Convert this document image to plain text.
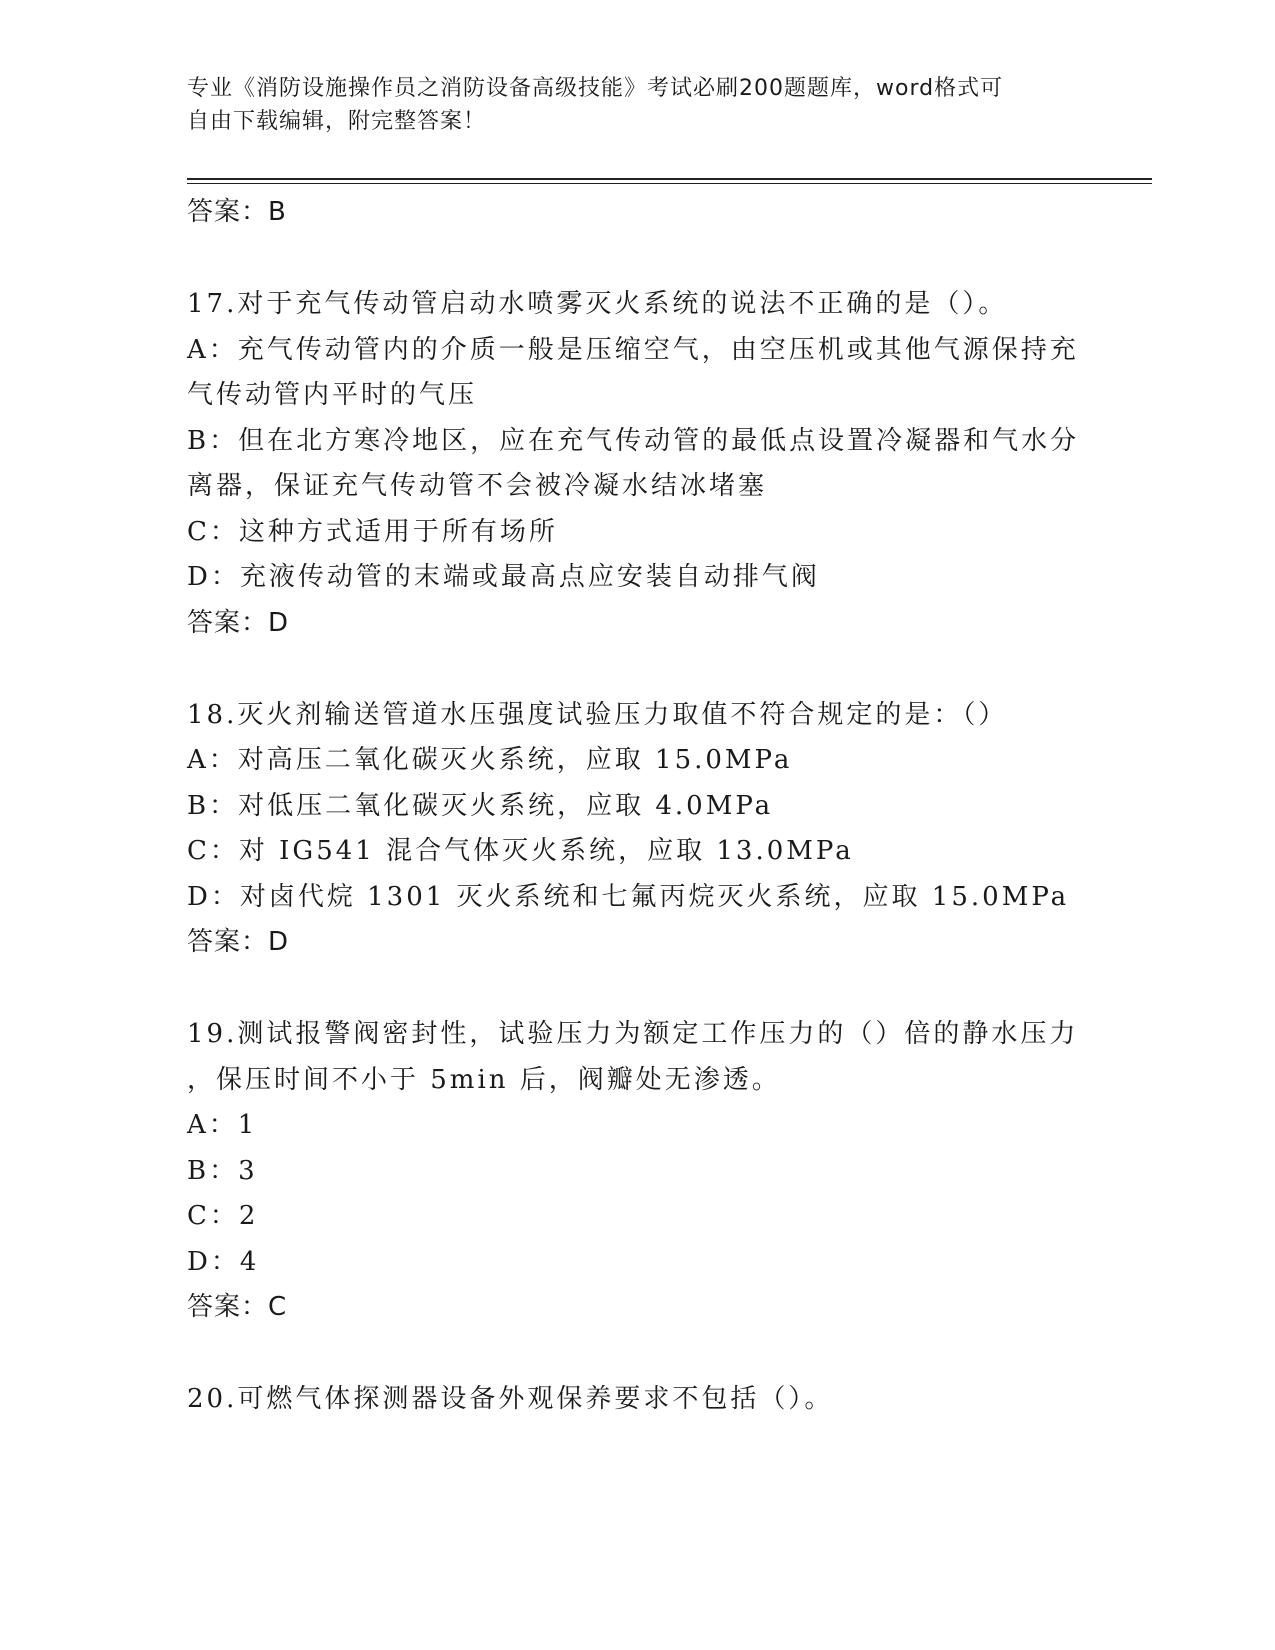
专业《消防设施操作员之消防设备高级技能》考试必刷200题题库，word格式可
自由下载编辑，附完整答案！

答案：B

17.对于充气传动管启动水喷雾灭火系统的说法不正确的是（）。

A：充气传动管内的介质一般是压缩空气，由空压机或其他气源保持充

气传动管内平时的气压

B：但在北方寒冷地区，应在充气传动管的最低点设置冷凝器和气水分

离器，保证充气传动管不会被冷凝水结冰堵塞

C：这种方式适用于所有场所

D：充液传动管的末端或最高点应安装自动排气阀

答案：D

18.灭火剂输送管道水压强度试验压力取值不符合规定的是：（）

A：对高压二氧化碳灭火系统，应取 15.0MPa

B：对低压二氧化碳灭火系统，应取 4.0MPa

C：对 IG541 混合气体灭火系统，应取 13.0MPa

D：对卤代烷 1301 灭火系统和七氟丙烷灭火系统，应取 15.0MPa

答案：D

19.测试报警阀密封性，试验压力为额定工作压力的（）倍的静水压力

，保压时间不小于 5min 后，阀瓣处无渗透。

A：1

B：3

C：2

D：4

答案：C

20.可燃气体探测器设备外观保养要求不包括（）。
